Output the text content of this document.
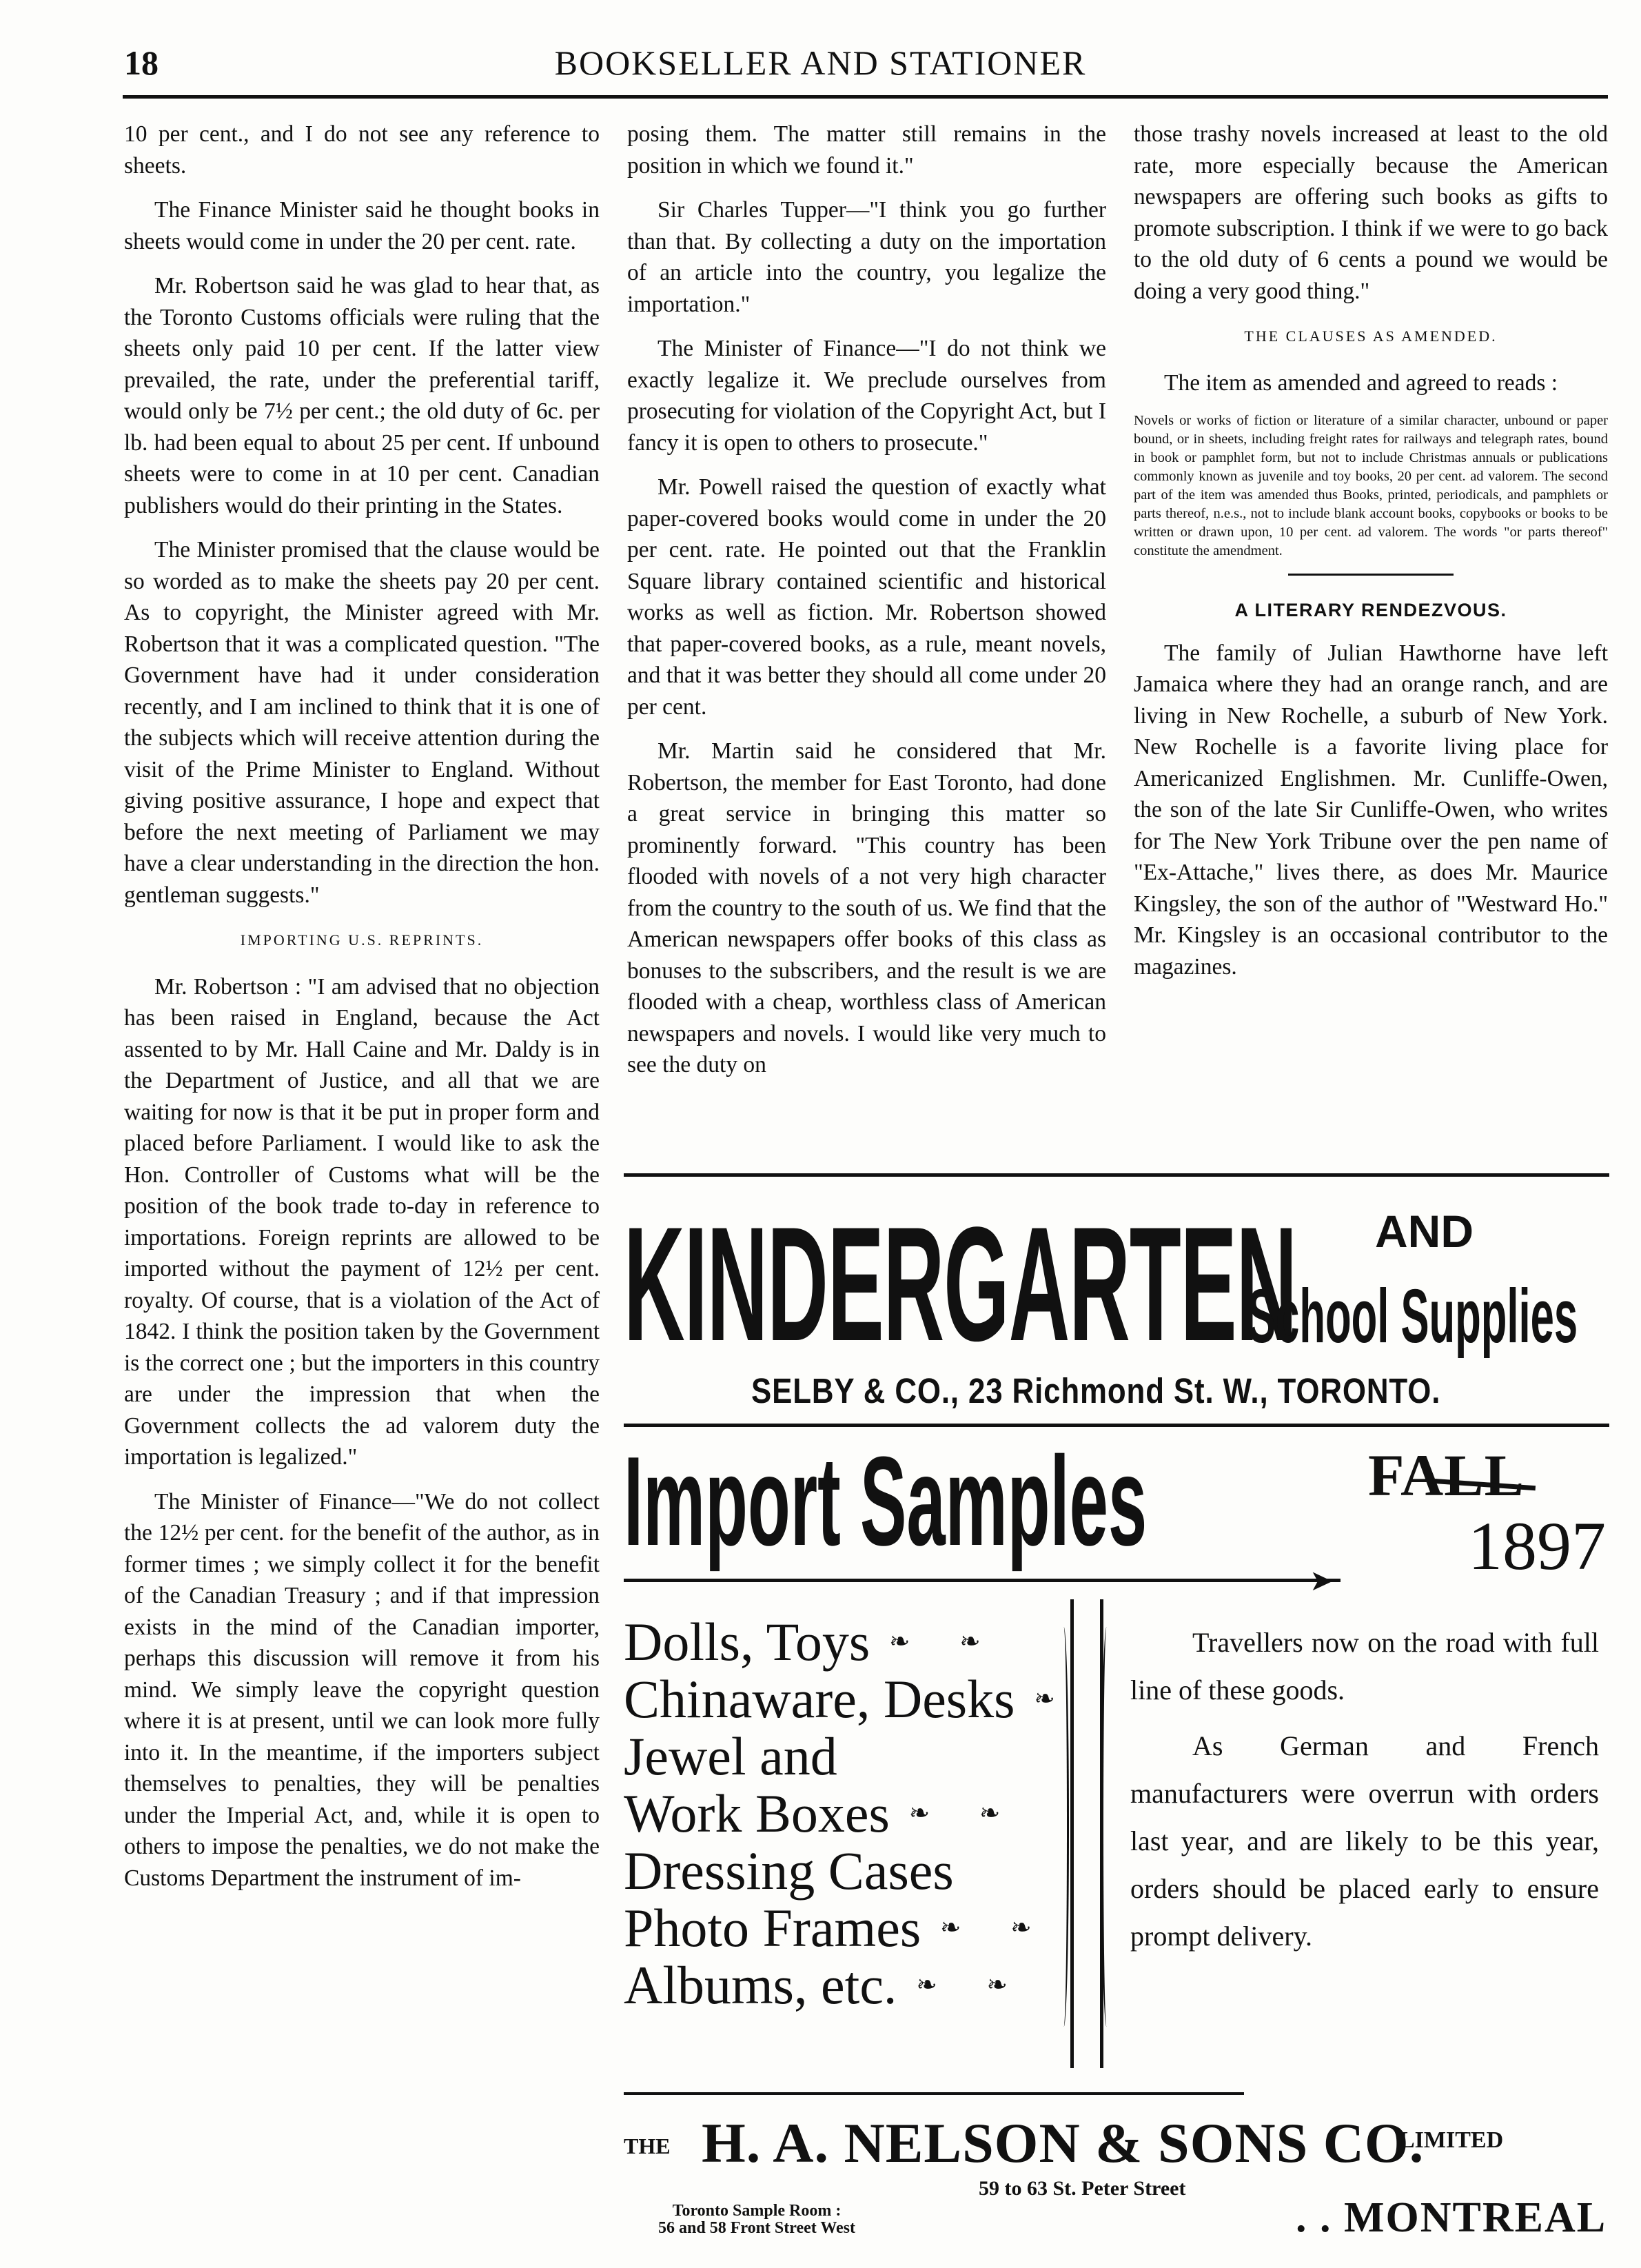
18	BOOKSELLER AND STATIONER

10 per cent., and I do not see any reference to sheets.

The Finance Minister said he thought books in sheets would come in under the 20 per cent. rate.

Mr. Robertson said he was glad to hear that, as the Toronto Customs officials were ruling that the sheets only paid 10 per cent. If the latter view prevailed, the rate, under the preferential tariff, would only be 7½ per cent.; the old duty of 6c. per lb. had been equal to about 25 per cent. If unbound sheets were to come in at 10 per cent. Canadian publishers would do their printing in the States.

The Minister promised that the clause would be so worded as to make the sheets pay 20 per cent. As to copyright, the Minister agreed with Mr. Robertson that it was a complicated question. "The Government have had it under consideration recently, and I am inclined to think that it is one of the subjects which will receive attention during the visit of the Prime Minister to England. Without giving positive assurance, I hope and expect that before the next meeting of Parliament we may have a clear understanding in the direction the hon. gentleman suggests."

IMPORTING U.S. REPRINTS.

Mr. Robertson : "I am advised that no objection has been raised in England, because the Act assented to by Mr. Hall Caine and Mr. Daldy is in the Department of Justice, and all that we are waiting for now is that it be put in proper form and placed before Parliament. I would like to ask the Hon. Controller of Customs what will be the position of the book trade to-day in reference to importations. Foreign reprints are allowed to be imported without the payment of 12½ per cent. royalty. Of course, that is a violation of the Act of 1842. I think the position taken by the Government is the correct one ; but the importers in this country are under the impression that when the Government collects the ad valorem duty the importation is legalized."

The Minister of Finance—"We do not collect the 12½ per cent. for the benefit of the author, as in former times ; we simply collect it for the benefit of the Canadian Treasury ; and if that impression exists in the mind of the Canadian importer, perhaps this discussion will remove it from his mind. We simply leave the copyright question where it is at present, until we can look more fully into it. In the meantime, if the importers subject themselves to penalties, they will be penalties under the Imperial Act, and, while it is open to others to impose the penalties, we do not make the Customs Department the instrument of im-

posing them. The matter still remains in the position in which we found it."

Sir Charles Tupper—"I think you go further than that. By collecting a duty on the importation of an article into the country, you legalize the importation."

The Minister of Finance—"I do not think we exactly legalize it. We preclude ourselves from prosecuting for violation of the Copyright Act, but I fancy it is open to others to prosecute."

Mr. Powell raised the question of exactly what paper-covered books would come in under the 20 per cent. rate. He pointed out that the Franklin Square library contained scientific and historical works as well as fiction. Mr. Robertson showed that paper-covered books, as a rule, meant novels, and that it was better they should all come under 20 per cent.

Mr. Martin said he considered that Mr. Robertson, the member for East Toronto, had done a great service in bringing this matter so prominently forward. "This country has been flooded with novels of a not very high character from the country to the south of us. We find that the American newspapers offer books of this class as bonuses to the subscribers, and the result is we are flooded with a cheap, worthless class of American newspapers and novels. I would like very much to see the duty on

those trashy novels increased at least to the old rate, more especially because the American newspapers are offering such books as gifts to promote subscription. I think if we were to go back to the old duty of 6 cents a pound we would be doing a very good thing."

THE CLAUSES AS AMENDED.

The item as amended and agreed to reads :

Novels or works of fiction or literature of a similar character, unbound or paper bound, or in sheets, including freight rates for railways and telegraph rates, bound in book or pamphlet form, but not to include Christmas annuals or publications commonly known as juvenile and toy books, 20 per cent. ad valorem. The second part of the item was amended thus Books, printed, periodicals, and pamphlets or parts thereof, n.e.s., not to include blank account books, copybooks or books to be written or drawn upon, 10 per cent. ad valorem. The words "or parts thereof" constitute the amendment.

A LITERARY RENDEZVOUS.

The family of Julian Hawthorne have left Jamaica where they had an orange ranch, and are living in New Rochelle, a suburb of New York. New Rochelle is a favorite living place for Americanized Englishmen. Mr. Cunliffe-Owen, the son of the late Sir Cunliffe-Owen, who writes for The New York Tribune over the pen name of "Ex-Attache," lives there, as does Mr. Maurice Kingsley, the son of the author of "Westward Ho." Mr. Kingsley is an occasional contributor to the magazines.

KINDERGARTEN AND
School Supplies
SELBY & CO., 23 Richmond St. W., TORONTO.
Import Samples	FALL
1897
➤
Dolls, Toys ❧ ❧
Chinaware, Desks ❧
Jewel and
Work Boxes ❧ ❧
Dressing Cases
Photo Frames ❧ ❧
Albums, etc. ❧ ❧

Travellers now on the road with full line of these goods.

As German and French manufacturers were overrun with orders last year, and are likely to be this year, orders should be placed early to ensure prompt delivery.

THE H. A. NELSON & SONS CO.
LIMITED
59 to 63 St. Peter Street
Toronto Sample Room :
56 and 58 Front Street West	. . MONTREAL
